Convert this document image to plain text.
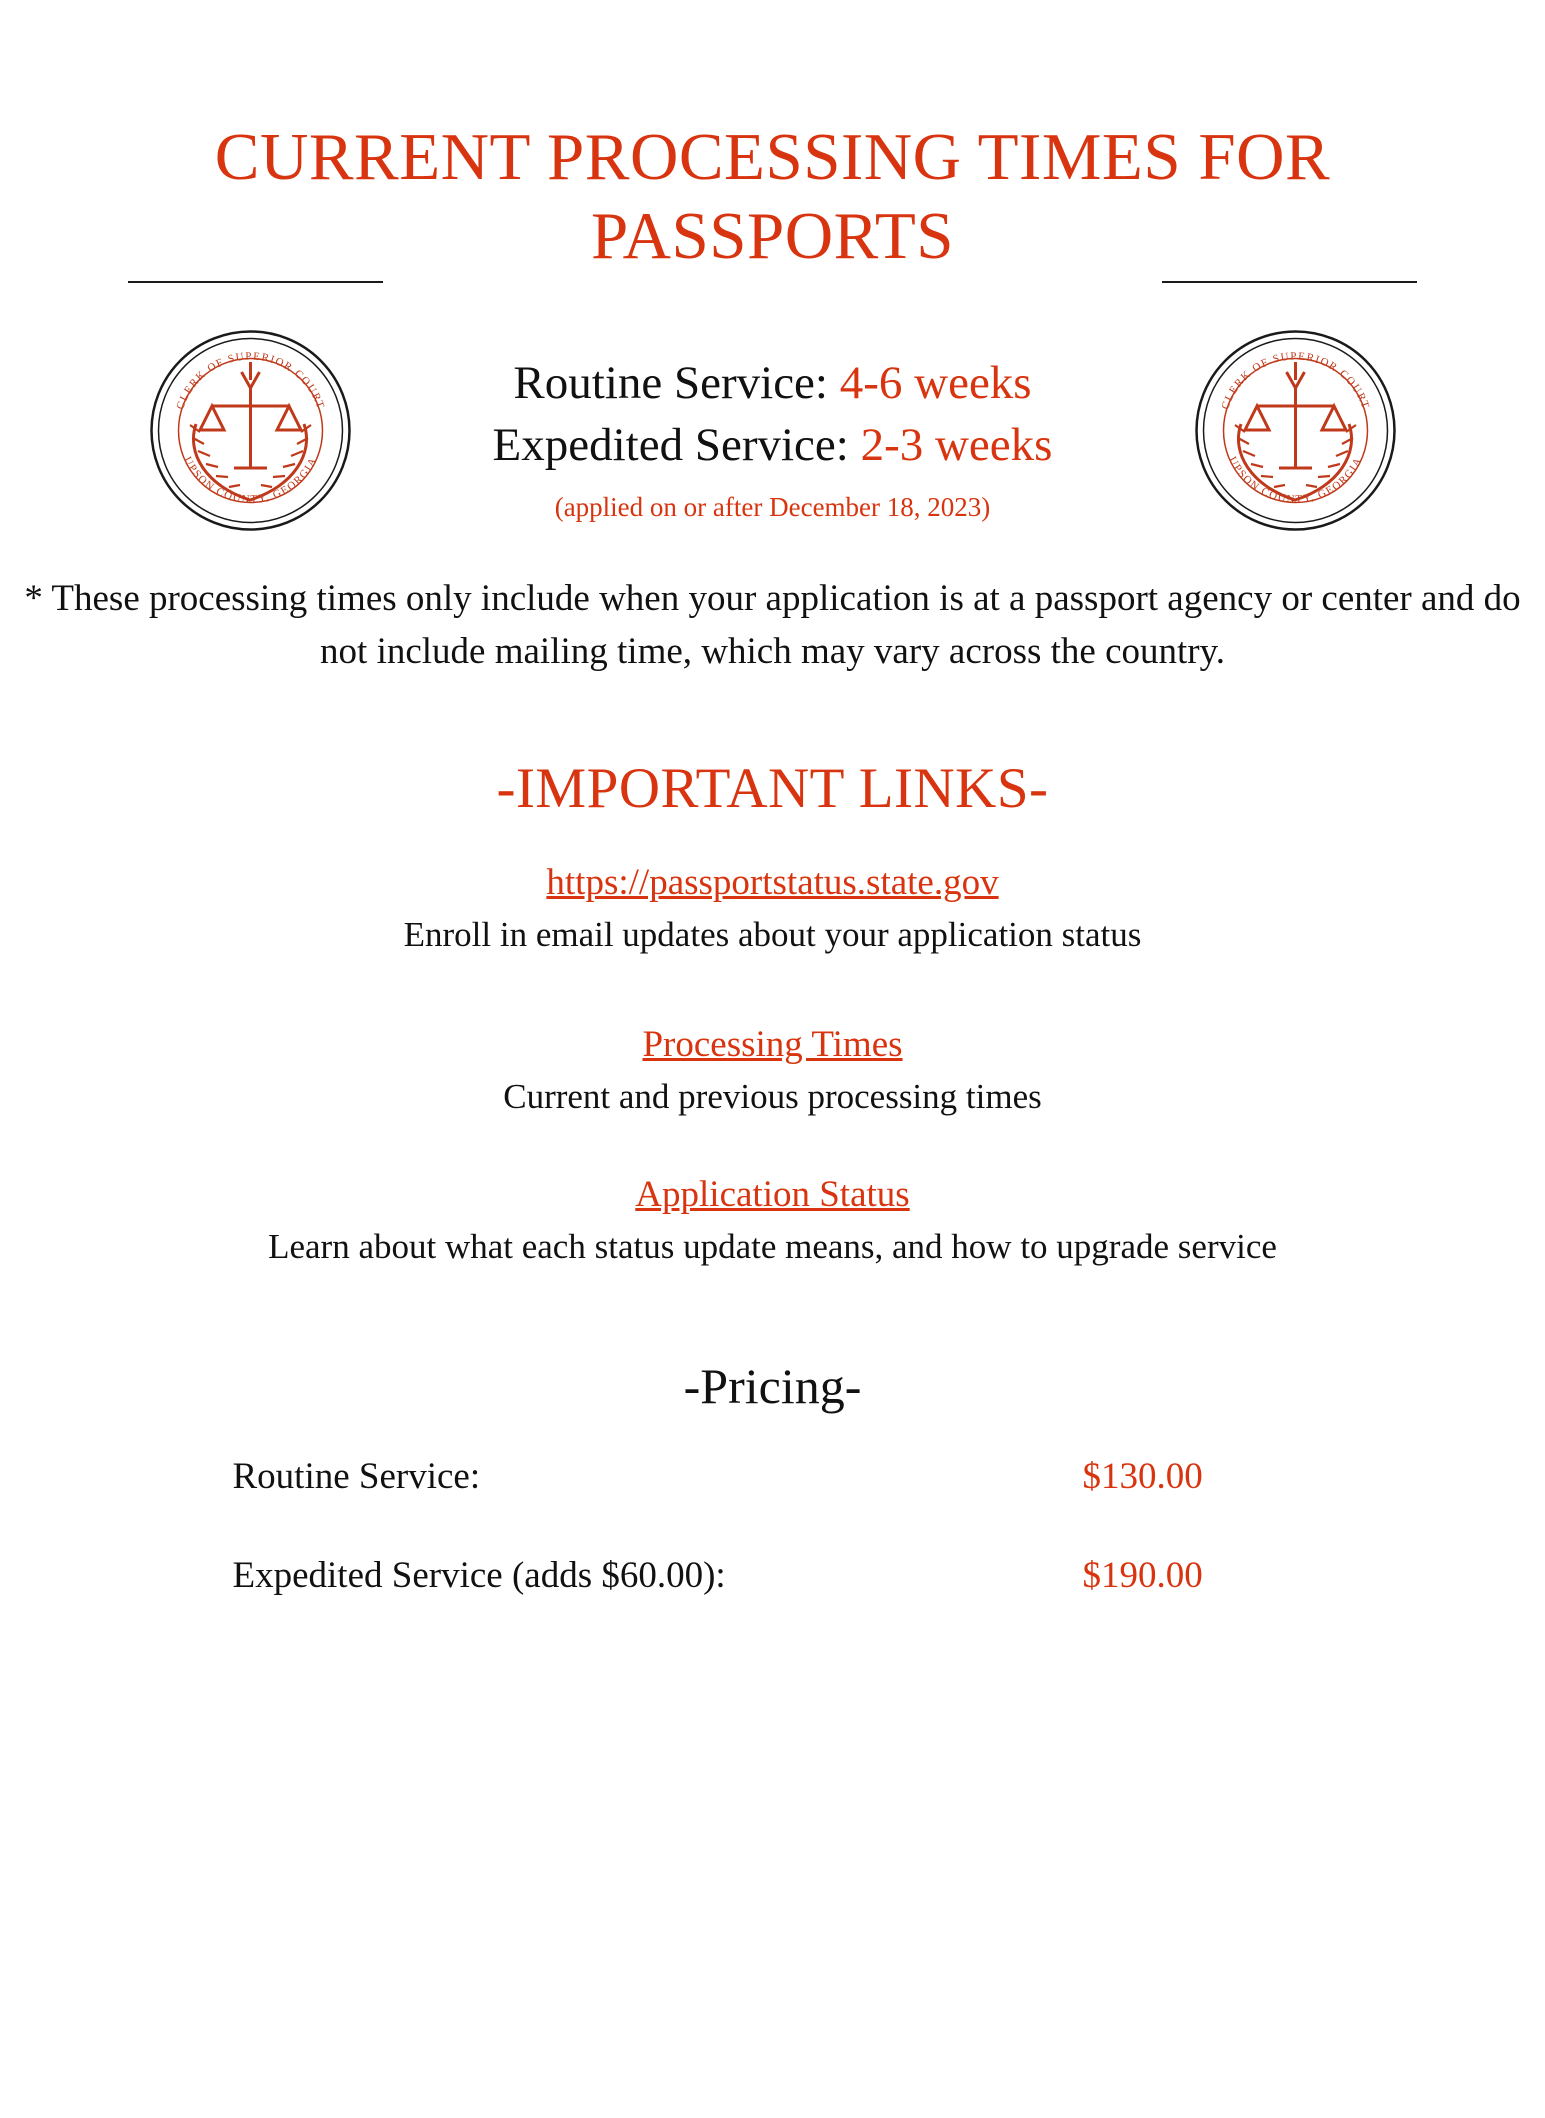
CURRENT PROCESSING TIMES FOR PASSPORTS
CLERK OF SUPERIOR COURT
UPSON COUNTY, GEORGIA
Routine Service: 4-6 weeks
Expedited Service: 2-3 weeks
(applied on or after December 18, 2023)
CLERK OF SUPERIOR COURT
UPSON COUNTY, GEORGIA
* These processing times only include when your application is at a passport agency or center and do not include mailing time, which may vary across the country.
-IMPORTANT LINKS-
https://passportstatus.state.gov
Enroll in email updates about your application status
Processing Times
Current and previous processing times
Application Status
Learn about what each status update means, and how to upgrade service
-Pricing-
Routine Service:	$130.00
Expedited Service (adds $60.00):	$190.00
